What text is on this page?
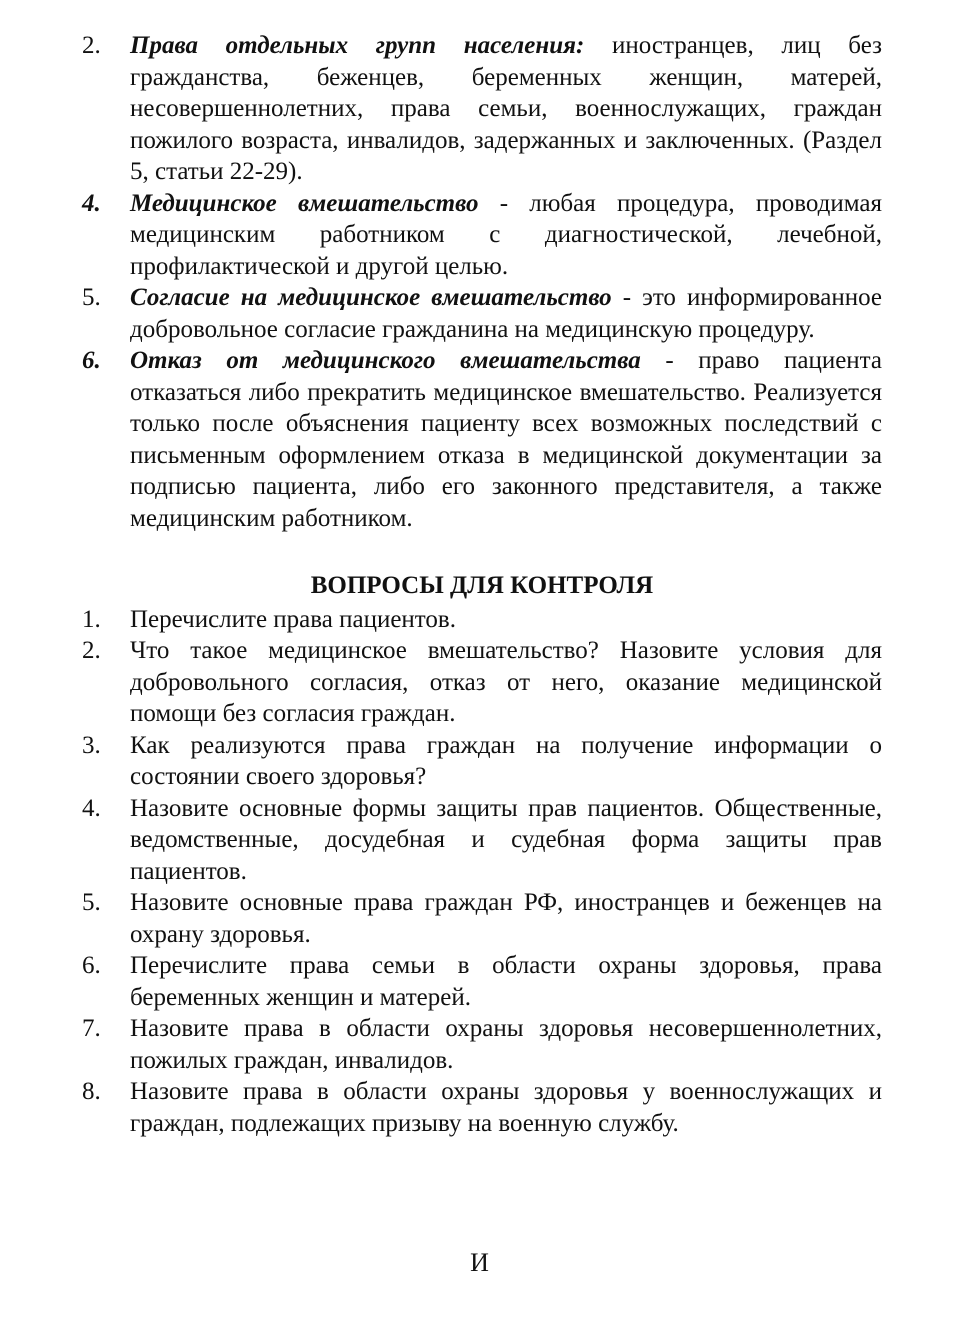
2.	Права отдельных групп населения: иностранцев, лиц без гражданства, беженцев, беременных женщин, матерей, несовершеннолетних, права семьи, военнослужащих, граждан пожилого возраста, инвалидов, задержанных и заключенных. (Раздел 5, статьи 22-29).
4.	Медицинское вмешательство - любая процедура, проводимая медицинским работником с диагностической, лечебной, профилактической и другой целью.
5.	Согласие на медицинское вмешательство - это информированное добровольное согласие гражданина на медицинскую процедуру.
6.	Отказ от медицинского вмешательства - право пациента отказаться либо прекратить медицинское вмешательство. Реализуется только после объяснения пациенту всех возможных последствий с письменным оформлением отказа в медицинской документации за подписью пациента, либо его законного представителя, а также медицинским работником.
ВОПРОСЫ ДЛЯ КОНТРОЛЯ
1.	Перечислите права пациентов.
2.	Что такое медицинское вмешательство? Назовите условия для добровольного согласия, отказ от него, оказание медицинской помощи без согласия граждан.
3.	Как реализуются права граждан на получение информации о состоянии своего здоровья?
4.	Назовите основные формы защиты прав пациентов. Общественные, ведомственные, досудебная и судебная форма защиты прав пациентов.
5.	Назовите основные права граждан РФ, иностранцев и беженцев на охрану здоровья.
6.	Перечислите права семьи в области охраны здоровья, права беременных женщин и матерей.
7.	Назовите права в области охраны здоровья несовершеннолетних, пожилых граждан, инвалидов.
8.	Назовите права в области охраны здоровья у военнослужащих и граждан, подлежащих призыву на военную службу.
И
